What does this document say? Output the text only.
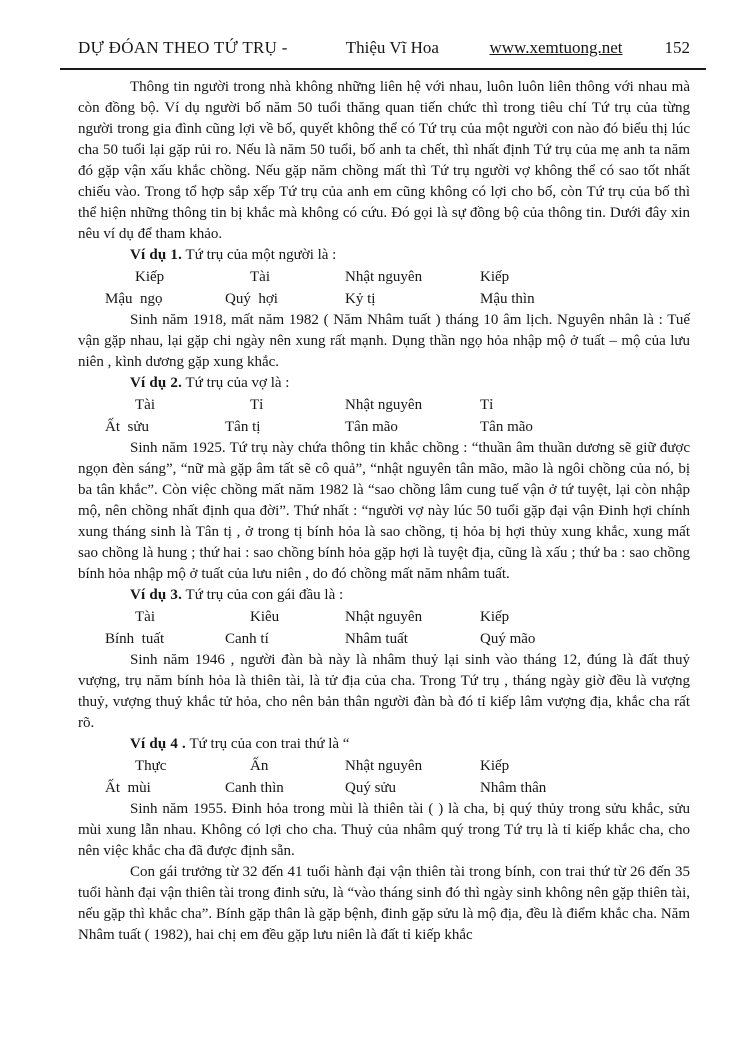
DỰ ĐÓAN THEO TỨ TRỤ -	Thiệu Vĩ Hoa	www.xemtuong.net 152

Thông tin người trong nhà không những liên hệ với nhau, luôn luôn liên thông với nhau mà còn đồng bộ. Ví dụ người bố năm 50 tuổi thăng quan tiến chức thì trong tiêu chí Tứ trụ của từng người trong gia đình cũng lợi về bố, quyết không thể có Tứ trụ của một người con nào đó biểu thị lúc cha 50 tuổi lại gặp rủi ro. Nếu là năm 50 tuổi, bố anh ta chết, thì nhất định Tứ trụ của mẹ anh ta năm đó gặp vận xấu khắc chồng. Nếu gặp năm chồng mất thì Tứ trụ người vợ không thể có sao tốt nhất chiếu vào. Trong tổ hợp sắp xếp Tứ trụ của anh em cũng không có lợi cho bố, còn Tứ trụ của bố thì thể hiện những thông tin bị khắc mà không có cứu. Đó gọi là sự đồng bộ của thông tin. Dưới đây xin nêu ví dụ để tham khảo.

Ví dụ 1. Tứ trụ của một người là :

Kiếp	Tài	Nhật nguyên	Kiếp
Mậu  ngọ	Quý  hợi	Kỷ tị	Mậu thìn

Sinh năm 1918, mất năm 1982 ( Năm Nhâm tuất ) tháng 10 âm lịch. Nguyên nhân là : Tuế vận gặp nhau, lại gặp chi ngày nên xung rất mạnh. Dụng thần ngọ hỏa nhập mộ ở tuất – mộ của lưu niên , kình dương gặp xung khắc.

Ví dụ 2. Tứ trụ của vợ là :

Tài	Tỉ	Nhật nguyên	Tỉ
Ất  sửu	Tân tị	Tân mão	Tân mão

Sinh năm 1925. Tứ trụ này chứa thông tin khắc chồng : “thuần âm thuần dương sẽ giữ được ngọn đèn sáng”, “nữ mà gặp âm tất sẽ cô quả”, “nhật nguyên tân mão, mão là ngôi chồng của nó, bị ba tân khắc”. Còn việc chồng mất năm 1982 là “sao chồng lâm cung tuế vận ở tứ tuyệt, lại còn nhập mộ, nên chồng nhất định qua đời”. Thứ nhất : “người vợ này lúc 50 tuổi gặp đại vận Đinh hợi chính xung tháng sinh là Tân tị , ở trong tị bính hỏa là sao chồng, tị hỏa bị hợi thủy xung khắc, xung mất sao chồng là hung ; thứ hai : sao chồng bính hỏa gặp hợi là tuyệt địa, cũng là xấu ; thứ ba : sao chồng bính hỏa nhập mộ ở tuất của lưu niên , do đó chồng mất năm nhâm tuất.

Ví dụ 3. Tứ trụ của con gái đầu là :

Tài	Kiêu	Nhật nguyên	Kiếp
Bính  tuất	Canh tí	Nhâm tuất	Quý mão

Sinh năm 1946 , người đàn bà này là nhâm thuỷ lại sinh vào tháng 12, đúng là đất thuỷ vượng, trụ năm bính hỏa là thiên tài, là tử địa của cha. Trong Tứ trụ , tháng ngày giờ đều là vượng thuỷ, vượng thuỷ khắc tử hỏa, cho nên bản thân người đàn bà đó tỉ kiếp lâm vượng địa, khắc cha rất rõ.

Ví dụ 4 . Tứ trụ của con trai thứ là “

Thực	Ấn	Nhật nguyên	Kiếp
Ất  mùi	Canh thìn	Quý sửu	Nhâm thân

Sinh năm 1955. Đinh hỏa trong mùi là thiên tài ( ) là cha, bị quý thủy trong sửu khắc, sửu mùi xung lẫn nhau. Không có lợi cho cha. Thuỷ của nhâm quý trong Tứ trụ là tỉ kiếp khắc cha, cho nên việc khắc cha đã được định sẵn.

Con gái trưởng từ 32 đến 41 tuổi hành đại vận thiên tài trong bính, con trai thứ từ 26 đến 35 tuổi hành đại vận thiên tài trong đinh sửu, là “vào tháng sinh đó thì ngày sinh không nên gặp thiên tài, nếu gặp thì khắc cha”. Bính gặp thân là gặp bệnh, đinh gặp sửu là mộ địa, đều là điểm khắc cha. Năm Nhâm tuất ( 1982), hai chị em đều gặp lưu niên là đất tỉ kiếp khắc
